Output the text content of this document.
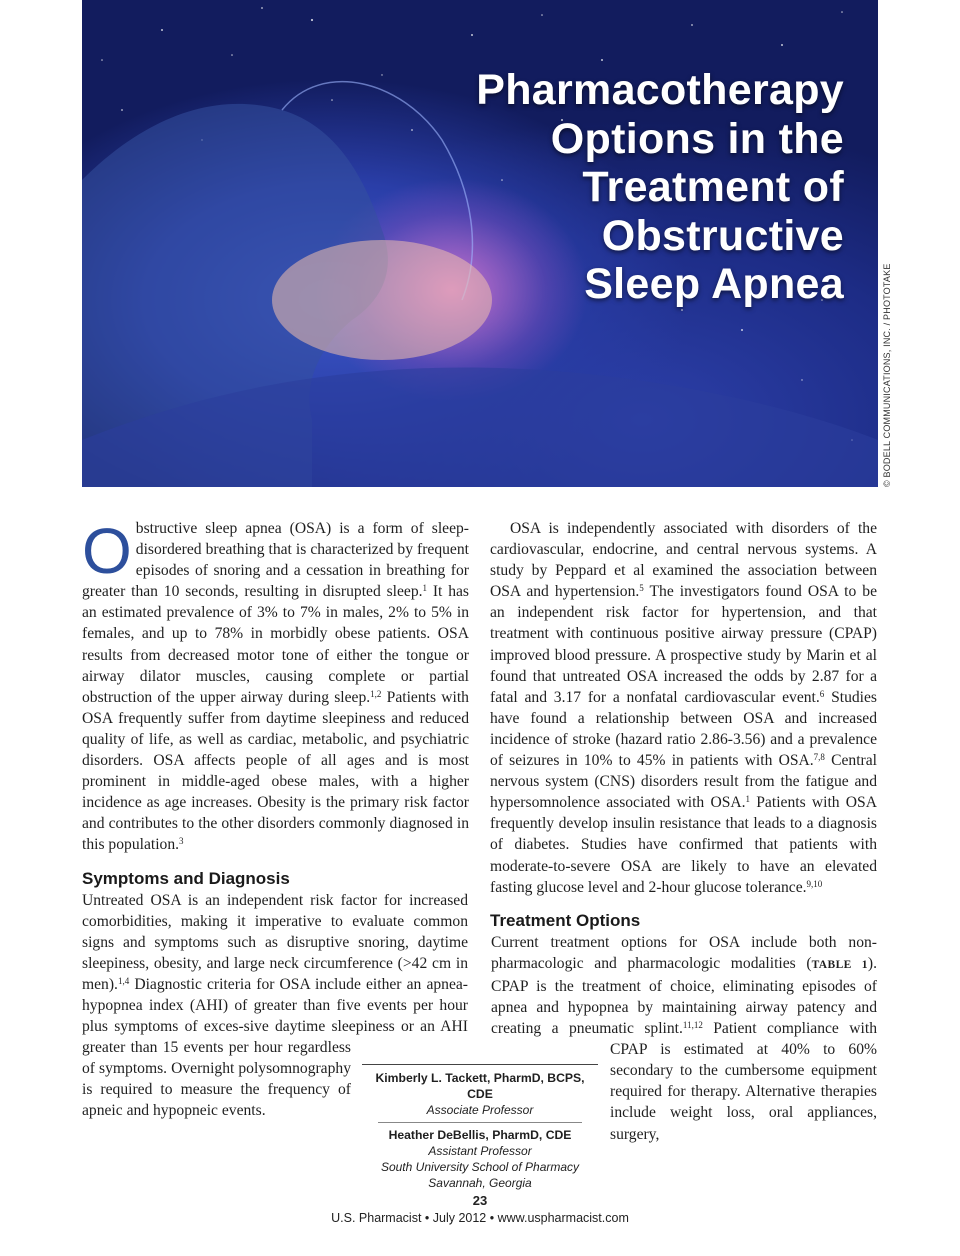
Pharmacotherapy
Options in the
Treatment of
Obstructive
Sleep Apnea	© BODELL COMMUNICATIONS, INC. / PHOTOTAKE

Obstructive sleep apnea (OSA) is a form of sleep-disordered breathing that is characterized by frequent episodes of snoring and a cessation in breathing for greater than 10 seconds, resulting in disrupted sleep.$^1$ It has an estimated prevalence of 3% to 7% in males, 2% to 5% in females, and up to 78% in morbidly obese patients. OSA results from decreased motor tone of either the tongue or airway dilator muscles, causing complete or partial obstruction of the upper airway during sleep.$^{1,2}$ Patients with OSA frequently suffer from daytime sleepiness and reduced quality of life, as well as cardiac, metabolic, and psychiatric disorders. OSA affects people of all ages and is most prominent in middle-aged obese males, with a higher incidence as age increases. Obesity is the primary risk factor and contributes to the other disorders commonly diagnosed in this population.$^3$

Symptoms and Diagnosis

Untreated OSA is an independent risk factor for increased comorbidities, making it imperative to evaluate common signs and symptoms such as disruptive snoring, daytime sleepiness, obesity, and large neck circumference (>42 cm in men).$^{1,4}$ Diagnostic criteria for OSA include either an apnea-hypopnea index (AHI) of greater than five events per hour plus symptoms of exces-sive daytime sleepiness or an AHI greater than 15 events per hour regardless of symptoms. Overnight polysomnography is required to measure the frequency of apneic and hypopneic events.

OSA is independently associated with disorders of the cardiovascular, endocrine, and central nervous systems. A study by Peppard et al examined the association between OSA and hypertension.$^5$ The investigators found OSA to be an independent risk factor for hypertension, and that treatment with continuous positive airway pressure (CPAP) improved blood pressure. A prospective study by Marin et al found that untreated OSA increased the odds by 2.87 for a fatal and 3.17 for a nonfatal cardiovascular event.$^6$ Studies have found a relationship between OSA and increased incidence of stroke (hazard ratio 2.86-3.56) and a prevalence of seizures in 10% to 45% in patients with OSA.$^{7,8}$ Central nervous system (CNS) disorders result from the fatigue and hypersomnolence associated with OSA.$^1$ Patients with OSA frequently develop insulin resistance that leads to a diagnosis of diabetes. Studies have confirmed that patients with moderate-to-severe OSA are likely to have an elevated fasting glucose level and 2-hour glucose tolerance.$^{9,10}$

Treatment Options

Current treatment options for OSA include both non-pharmacologic and pharmacologic modalities (TABLE 1). CPAP is the treatment of choice, eliminating episodes of apnea and hypopnea by maintaining airway patency and creating a pneumatic splint.$^{11,12}$ Patient compliance with CPAP is estimated at 40% to 60% secondary to the cumbersome equipment required for therapy. Alternative therapies include weight loss, oral appliances, surgery,

Kimberly L. Tackett, PharmD, BCPS, CDE
Associate Professor
Heather DeBellis, PharmD, CDE
Assistant Professor
South University School of Pharmacy
Savannah, Georgia
23
U.S. Pharmacist • July 2012 • www.uspharmacist.com
